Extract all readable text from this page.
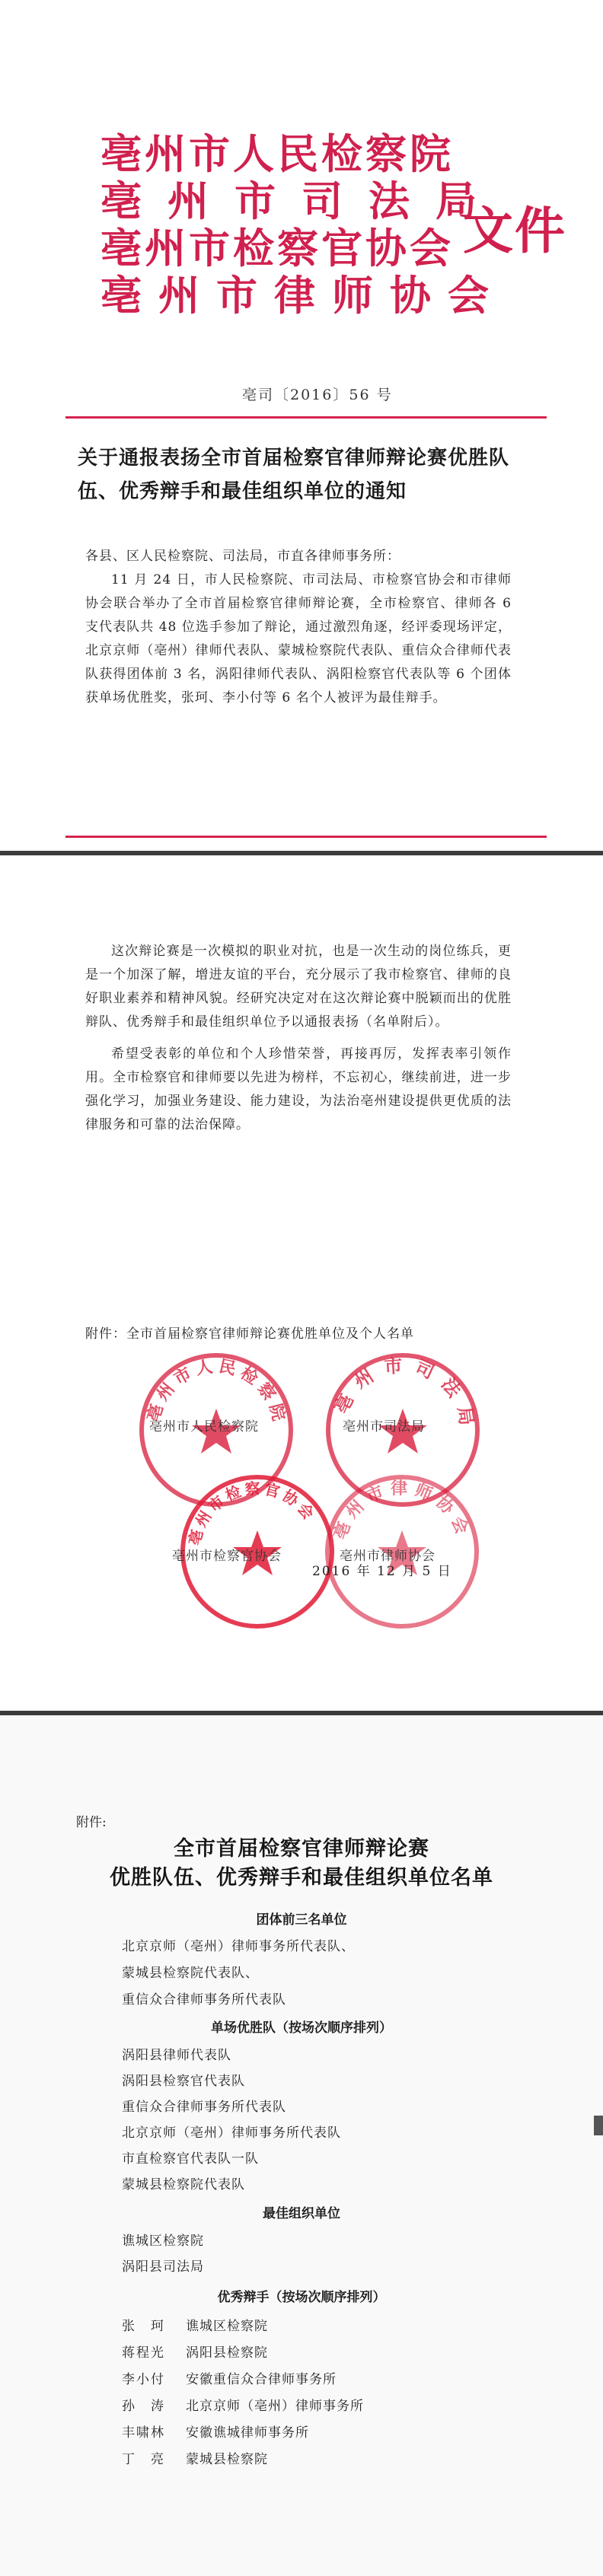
亳州市人民检察院
亳州市司法局
亳州市检察官协会
亳州市律师协会
文件
亳司〔2016〕56 号
关于通报表扬全市首届检察官律师辩论赛优胜队伍、优秀辩手和最佳组织单位的通知
各县、区人民检察院、司法局，市直各律师事务所：
11 月 24 日，市人民检察院、市司法局、市检察官协会和市律师协会联合举办了全市首届检察官律师辩论赛，全市检察官、律师各 6 支代表队共 48 位选手参加了辩论，通过激烈角逐，经评委现场评定，北京京师（亳州）律师代表队、蒙城检察院代表队、重信众合律师代表队获得团体前 3 名，涡阳律师代表队、涡阳检察官代表队等 6 个团体获单场优胜奖，张珂、李小付等 6 名个人被评为最佳辩手。
这次辩论赛是一次模拟的职业对抗，也是一次生动的岗位练兵，更是一个加深了解，增进友谊的平台，充分展示了我市检察官、律师的良好职业素养和精神风貌。经研究决定对在这次辩论赛中脱颖而出的优胜辩队、优秀辩手和最佳组织单位予以通报表扬（名单附后）。
希望受表彰的单位和个人珍惜荣誉，再接再厉，发挥表率引领作用。全市检察官和律师要以先进为榜样，不忘初心，继续前进，进一步强化学习，加强业务建设、能力建设，为法治亳州建设提供更优质的法律服务和可靠的法治保障。
附件：全市首届检察官律师辩论赛优胜单位及个人名单
亳州市人民检察院 亳州市司法局
亳州市人民检察院	亳州市司法局
亳州市检察官协会
亳州市律师协会
亳州市检察官协会	亳州市律师协会
2016 年 12 月 5 日
附件:
全市首届检察官律师辩论赛
优胜队伍、优秀辩手和最佳组织单位名单
团体前三名单位
北京京师（亳州）律师事务所代表队、
蒙城县检察院代表队、
重信众合律师事务所代表队
单场优胜队（按场次顺序排列）
涡阳县律师代表队
涡阳县检察官代表队
重信众合律师事务所代表队
北京京师（亳州）律师事务所代表队
市直检察官代表队一队
蒙城县检察院代表队
最佳组织单位
谯城区检察院
涡阳县司法局
优秀辩手（按场次顺序排列）
张　珂 谯城区检察院
蒋程光 涡阳县检察院
李小付 安徽重信众合律师事务所
孙　涛 北京京师（亳州）律师事务所
丰啸林 安徽谯城律师事务所
丁　亮 蒙城县检察院
